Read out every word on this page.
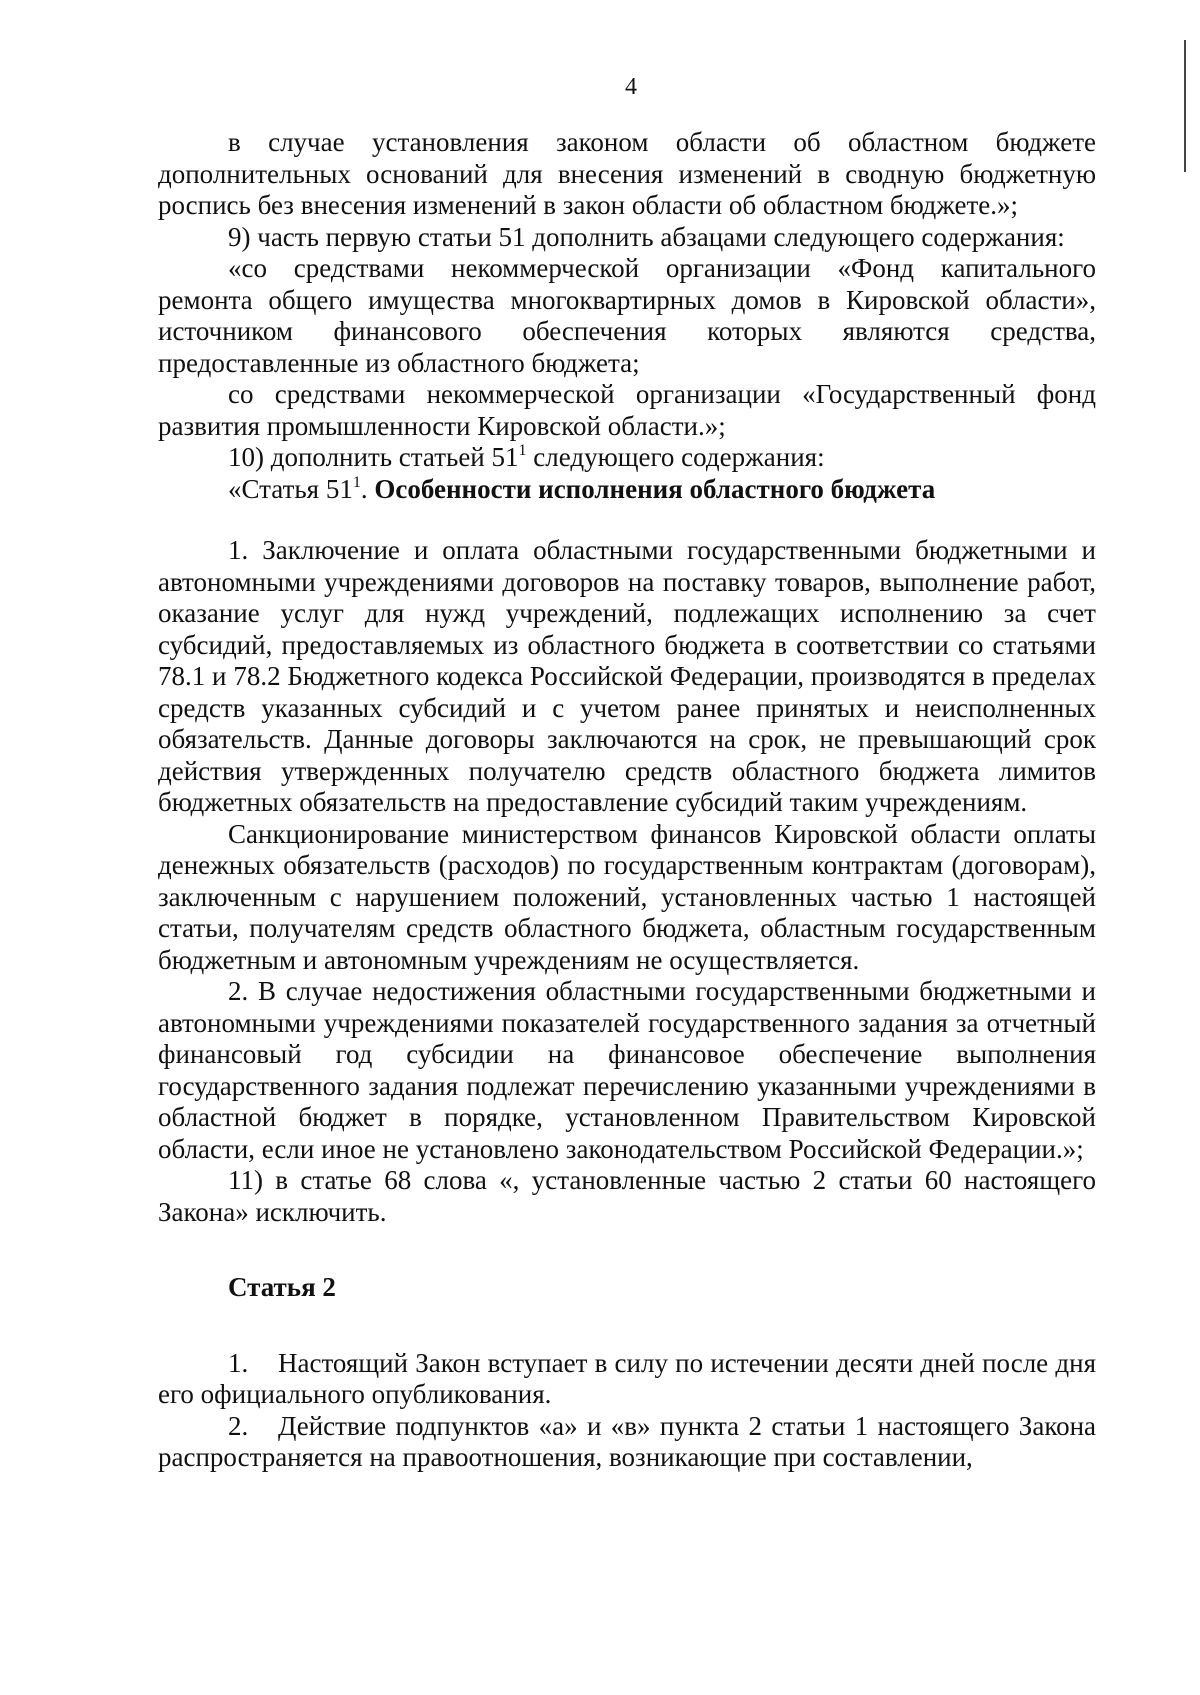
4

в случае установления законом области об областном бюджете дополнительных оснований для внесения изменений в сводную бюджетную роспись без внесения изменений в закон области об областном бюджете.»;

9) часть первую статьи 51 дополнить абзацами следующего содержания:

«со средствами некоммерческой организации «Фонд капитального ремонта общего имущества многоквартирных домов в Кировской области», источником финансового обеспечения которых являются средства, предоставленные из областного бюджета;

со средствами некоммерческой организации «Государственный фонд развития промышленности Кировской области.»;

10) дополнить статьей $51^1$ следующего содержания:

«Статья $51^1$. Особенности исполнения областного бюджета

1. Заключение и оплата областными государственными бюджетными и автономными учреждениями договоров на поставку товаров, выполнение работ, оказание услуг для нужд учреждений, подлежащих исполнению за счет субсидий, предоставляемых из областного бюджета в соответствии со статьями 78.1 и 78.2 Бюджетного кодекса Российской Федерации, производятся в пределах средств указанных субсидий и с учетом ранее принятых и неисполненных обязательств. Данные договоры заключаются на срок, не превышающий срок действия утвержденных получателю средств областного бюджета лимитов бюджетных обязательств на предоставление субсидий таким учреждениям.

Санкционирование министерством финансов Кировской области оплаты денежных обязательств (расходов) по государственным контрактам (договорам), заключенным с нарушением положений, установленных частью 1 настоящей статьи, получателям средств областного бюджета, областным государственным бюджетным и автономным учреждениям не осуществляется.

2. В случае недостижения областными государственными бюджетными и автономными учреждениями показателей государственного задания за отчетный финансовый год субсидии на финансовое обеспечение выполнения государственного задания подлежат перечислению указанными учреждениями в областной бюджет в порядке, установленном Правительством Кировской области, если иное не установлено законодательством Российской Федерации.»;

11) в статье 68 слова «, установленные частью 2 статьи 60 настоящего Закона» исключить.

Статья 2

1. Настоящий Закон вступает в силу по истечении десяти дней после дня его официального опубликования.

2. Действие подпунктов «а» и «в» пункта 2 статьи 1 настоящего Закона распространяется на правоотношения, возникающие при составлении,
